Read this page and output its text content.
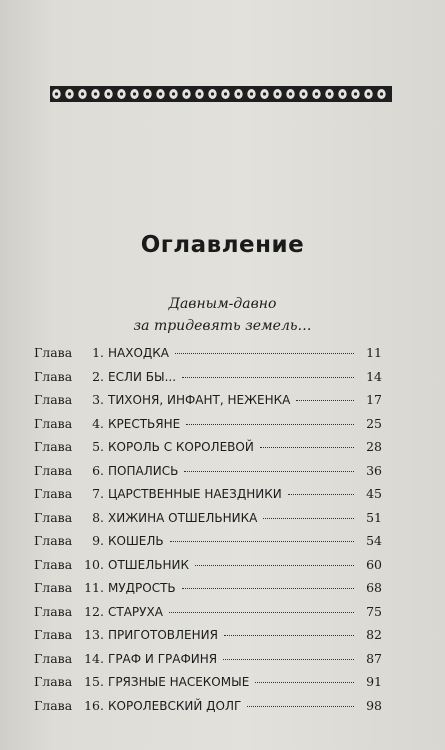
Оглавление
Давным-давно
за тридевять земель…
Глава	1. НАХОДКА	11
Глава	2. ЕСЛИ БЫ...	14
Глава	3. ТИХОНЯ, ИНФАНТ, НЕЖЕНКА	17
Глава	4. КРЕСТЬЯНЕ	25
Глава	5. КОРОЛЬ С КОРОЛЕВОЙ	28
Глава	6. ПОПАЛИСЬ	36
Глава	7. ЦАРСТВЕННЫЕ НАЕЗДНИКИ	45
Глава	8. ХИЖИНА ОТШЕЛЬНИКА	51
Глава	9. КОШЕЛЬ	54
Глава 10. ОТШЕЛЬНИК	60
Глава 11. МУДРОСТЬ	68
Глава 12. СТАРУХА	75
Глава 13. ПРИГОТОВЛЕНИЯ	82
Глава 14. ГРАФ И ГРАФИНЯ	87
Глава 15. ГРЯЗНЫЕ НАСЕКОМЫЕ	91
Глава 16. КОРОЛЕВСКИЙ ДОЛГ	98
